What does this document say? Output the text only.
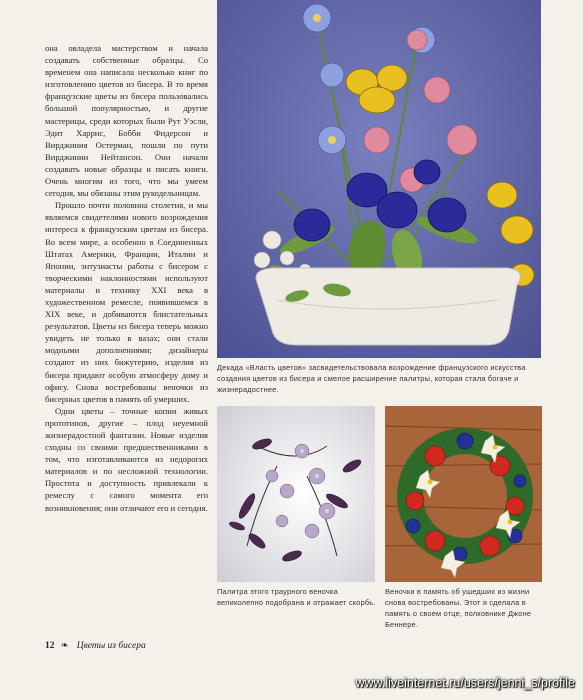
она овладела мастерством и начала создавать собственные образцы. Со временем она написала несколько книг по изготовлению цветов из бисера. В то время французские цветы из бисера пользовались большой популярностью, и другие мастерицы, среди которых были Рут Уэсли, Эдит Харрис, Бобби Фидерсон и Вирджиния Остерман, пошли по пути Вирджинии Нейтансон. Они начали создавать новые образцы и писать книги. Очень многим из того, что мы умеем сегодня, мы обязаны этим рукодельницам.

Прошло почти половина столетия, и мы являемся свидетелями нового возрождения интереса к французским цветам из бисера. Во всем мире, а особенно в Соединенных Штатах Америки, Франции, Италии и Японии, энтузиасты работы с бисером с творческими наклонностями используют материалы и технику XXI века в художественном ремесле, появившемся в XIX веке, и добиваются блистательных результатов. Цветы из бисера теперь можно увидеть не только в вазах; они стали модными дополнениями; дизайнеры создают из них бижутерию, изделия из бисера придают особую атмосферу дому и офису. Снова востребованы веночки из бисерных цветов в память об умерших.

Одни цветы – точные копии живых прототипов, другие – плод неуемной жизнерадостной фантазии. Новые изделия сходны со своими предшественниками в том, что изготавливаются из недорогих материалов и по несложной технологии. Простота и доступность привлекали к ремеслу с самого момента его возникновения; они отличают его и сегодня.

Декада «Власть цветов» засвидетельствовала возрождение французского искусства создания цветов из бисера и смелое расширение палитры, которая стала богаче и жизнерадостнее.
Палитра этого траурного веночка великолепно подобрана и отражает скорбь.
Веночки в память об ушедших из жизни снова востребованы. Этот я сделала в память о своем отце, полковнике Джоне Беннере.
12 ❧ Цветы из бисера
www.liveinternet.ru/users/jenni_s/profile
